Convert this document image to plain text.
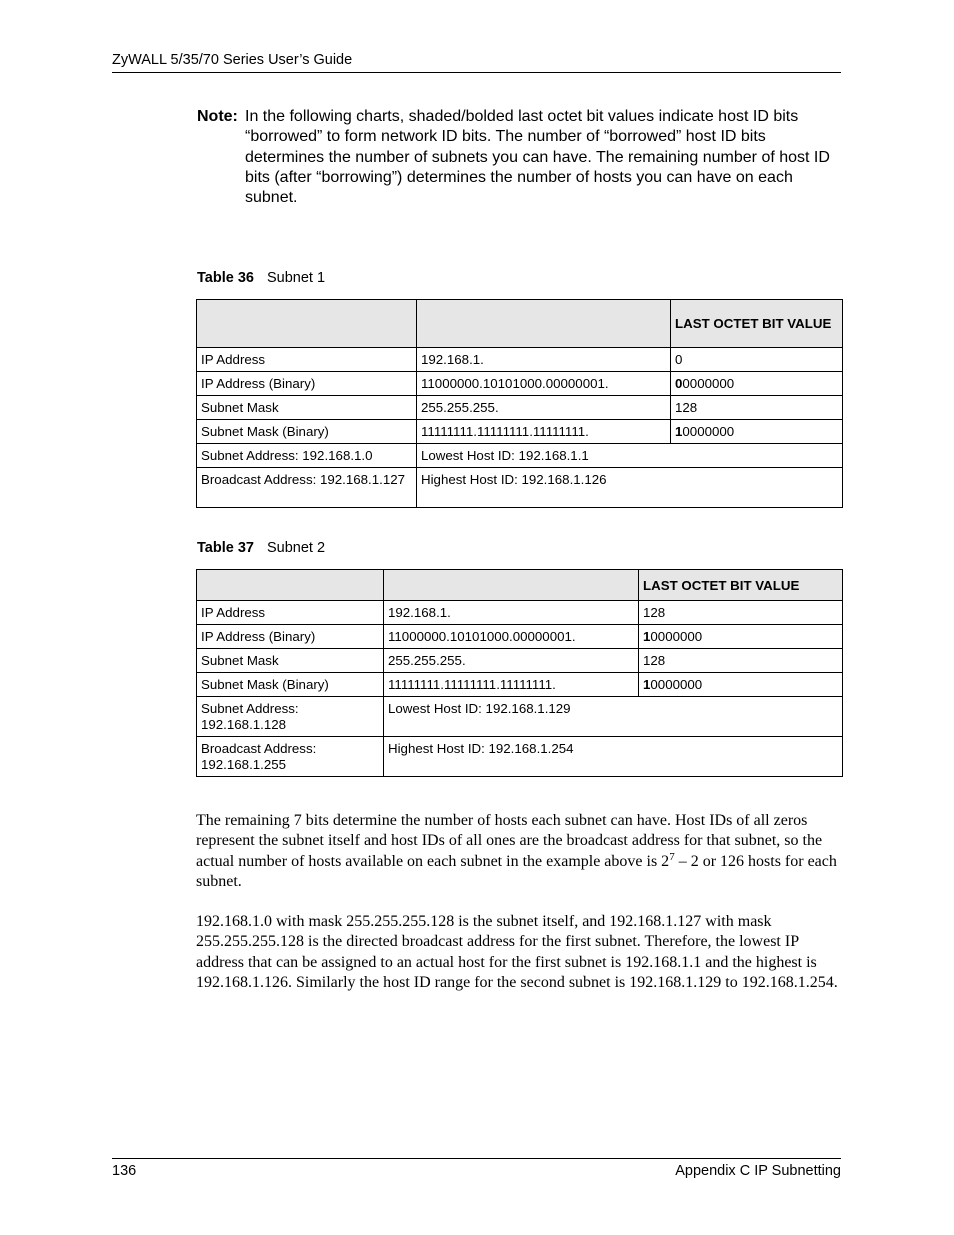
ZyWALL 5/35/70 Series User’s Guide
Note: In the following charts, shaded/bolded last octet bit values indicate host ID bits “borrowed” to form network ID bits. The number of “borrowed” host ID bits determines the number of subnets you can have. The remaining number of host ID bits (after “borrowing”) determines the number of hosts you can have on each subnet.
Table 36 Subnet 1
		LAST OCTET BIT VALUE
IP Address	192.168.1.	0
IP Address (Binary)	11000000.10101000.00000001.	00000000
Subnet Mask	255.255.255.	128
Subnet Mask (Binary)	11111111.11111111.11111111.	10000000
Subnet Address: 192.168.1.0	Lowest Host ID: 192.168.1.1	
Broadcast Address: 192.168.1.127	Highest Host ID: 192.168.1.126	
Table 37 Subnet 2
		LAST OCTET BIT VALUE
IP Address	192.168.1.	128
IP Address (Binary)	11000000.10101000.00000001.	10000000
Subnet Mask	255.255.255.	128
Subnet Mask (Binary)	11111111.11111111.11111111.	10000000
Subnet Address: 192.168.1.128	Lowest Host ID: 192.168.1.129	
Broadcast Address: 192.168.1.255	Highest Host ID: 192.168.1.254	
The remaining 7 bits determine the number of hosts each subnet can have. Host IDs of all zeros represent the subnet itself and host IDs of all ones are the broadcast address for that subnet, so the actual number of hosts available on each subnet in the example above is $2^7 - 2$ or 126 hosts for each subnet.
192.168.1.0 with mask 255.255.255.128 is the subnet itself, and 192.168.1.127 with mask 255.255.255.128 is the directed broadcast address for the first subnet. Therefore, the lowest IP address that can be assigned to an actual host for the first subnet is 192.168.1.1 and the highest is 192.168.1.126. Similarly the host ID range for the second subnet is 192.168.1.129 to 192.168.1.254.
136	Appendix C IP Subnetting
